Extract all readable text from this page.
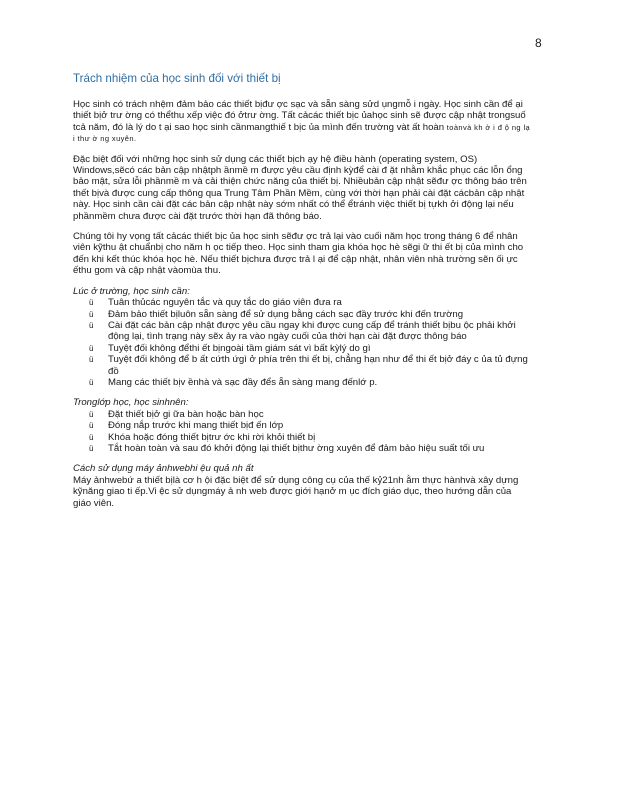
8
Trách nhiệm của học sinh đối với thiết bị

Học sinh có trách nhệm đảm bảo các thiết bịđư ợc sạc và sẵn sàng sửd ụngmỗ i ngày. Học sinh cần để ại thiết bịở trư ờng có thểthu xếp việc đó ởtrư ờng. Tất cảcác thiết bịc ủahọc sinh sẽ được cập nhật trongsuố tcả năm, đó là lý do t ại sao học sinh cầnmangthiế t bịc ủa mình đến trường vàt ất hoàn toànvà kh ở i đ ộ ng lạ i thư ờ ng xuyên.

Đặc biệt đối với những học sinh sử dụng các thiết bịch ạy hệ điều hành (operating system, OS) Windows,sẽcó các bản cập nhậtph ầnmề m được yêu cầu định kỳđể cài đ ặt nhằm khắc phục các lỗn ổng bảo mật, sửa lỗi phầnmề m và cải thiện chức năng của thiết bị. Nhiềubản cập nhật sẽđư ợc thông báo trên thết bịvà được cung cấp thông qua Trung Tâm Phần Mềm, cùng với thời hạn phải cài đặt cácbản cập nhật này. Học sinh cần cài đặt các bản cập nhật này sớm nhất có thể ểtránh việc thiết bị tựkh ởi động lại nếu phầnmềm chưa được cài đặt trước thời hạn đã thông báo.

Chúng tôi hy vọng tất cảcác thiết bịc ủa học sinh sẽđư ợc trả lại vào cuối năm học trong tháng 6 để nhân viên kỹthu ật chuẩnbị cho năm h ọc tiếp theo. Học sinh tham gia khóa học hè sẽgi ữ thi ết bị của mình cho đến khi kết thúc khóa học hè. Nếu thiết bịchưa được trả l ại để cập nhật, nhân viên nhà trường sẽn ối ực ếthu gom và cập nhật vàomùa thu.

Lúc ở trường, học sinh cần:
ü Tuân thủcác nguyên tắc và quy tắc do giáo viên đưa ra
ü Đảm bảo thiết bịluôn sẵn sàng để sử dụng bằng cách sạc đầy trước khi đến trường
ü Cài đặt các bản cập nhật được yêu cầu ngay khi được cung cấp để tránh thiết bịbu ộc phải khởi động lại, tình trạng này sẽx ảy ra vào ngày cuối của thời hạn cài đặt được thông báo
ü Tuyệt đối không đểthi ết bịngoài tầm giám sát vì bất kỳlý do gì
ü Tuyệt đối không để b ất cứth ứgì ở phía trên thi ết bị, chẳng hạn như để thi ết bịở đáy c ủa tủ đựng đồ
ü Mang các thiết bịv ềnhà và sạc đầy đểs ẵn sàng mang đếnlớ p.
Tronglớp học, học sinhnên:
ü Đặt thiết bịở gi ữa bàn hoặc bàn học
ü Đóng nắp trước khi mang thiết bịđ ến lớp
ü Khóa hoặc đóng thiết bịtrư ớc khi rời khỏi thiết bị
ü Tắt hoàn toàn và sau đó khởi động lại thiết bịthư ờng xuyên để đảm bảo hiệu suất tối ưu
Cách sử dụng máy ảnhwebhi ệu quả nh ất

Máy ảnhwebứ a thiết bịlà cơ h ội đặc biệt để sử dụng công cụ của thế kỷ21nh ằm thực hànhvà xây dựng kỹnăng giao ti ếp.Vi ệc sử dụngmáy ả nh web được giới hạnở m ục đích giáo dục, theo hướng dẫn của giáo viên.
